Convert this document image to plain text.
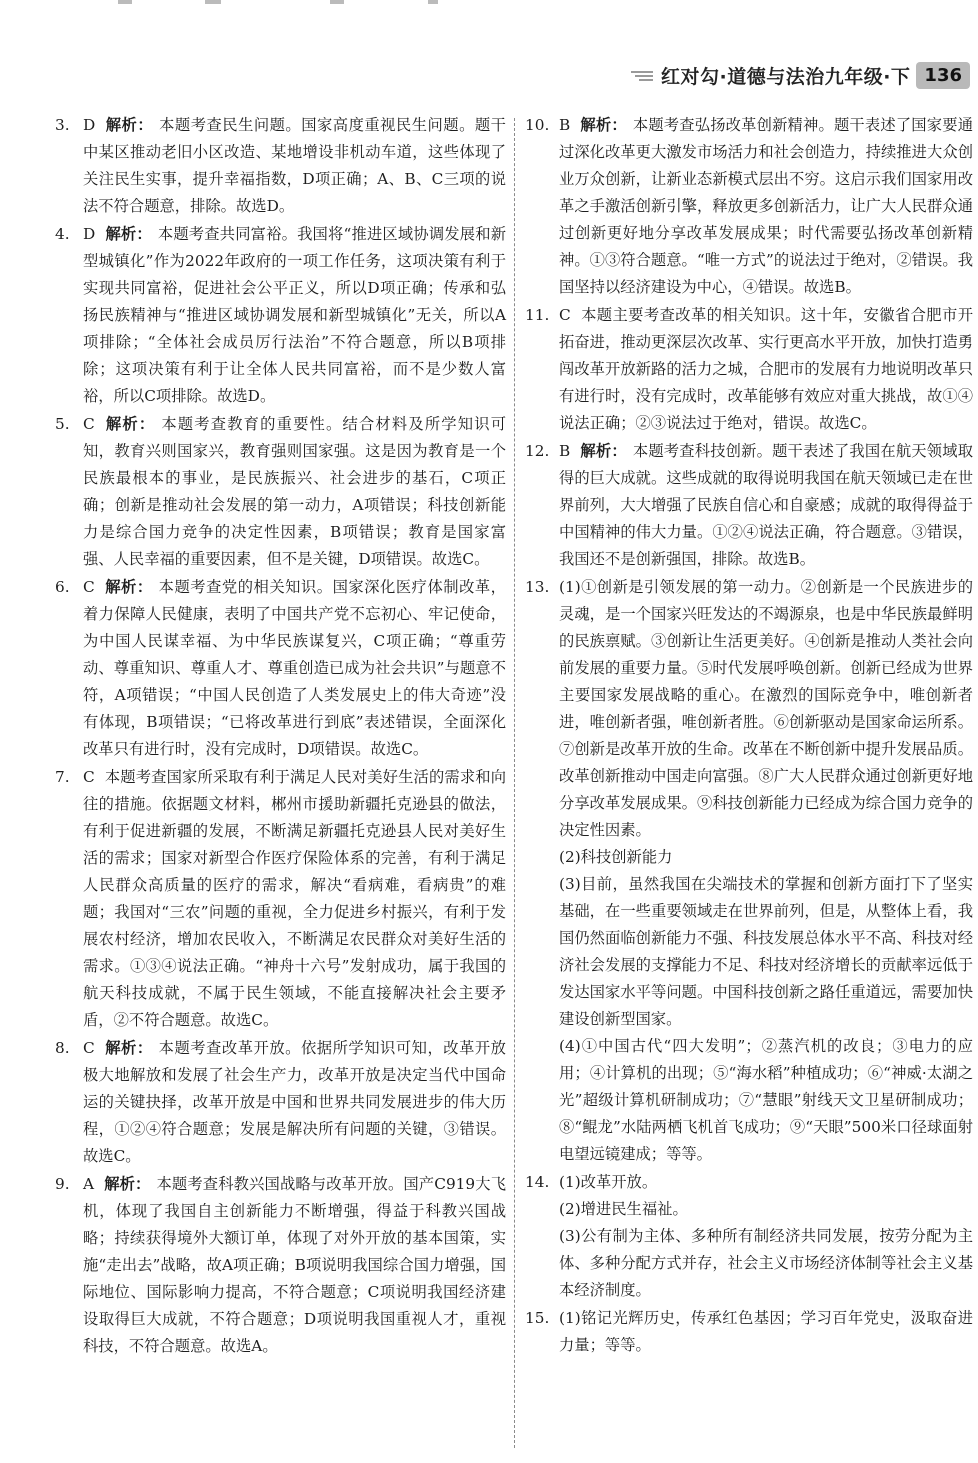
红对勾·道德与法治九年级·下 136
3. D 解析： 本题考查民生问题。国家高度重视民生问题。题干中某区推动老旧小区改造、某地增设非机动车道，这些体现了关注民生实事，提升幸福指数，D项正确；A、B、C三项的说法不符合题意，排除。故选D。
4. D 解析： 本题考查共同富裕。我国将“推进区域协调发展和新型城镇化”作为2022年政府的一项工作任务，这项决策有利于实现共同富裕，促进社会公平正义，所以D项正确；传承和弘扬民族精神与“推进区域协调发展和新型城镇化”无关，所以A项排除；“全体社会成员厉行法治”不符合题意，所以B项排除；这项决策有利于让全体人民共同富裕，而不是少数人富裕，所以C项排除。故选D。
5. C 解析： 本题考查教育的重要性。结合材料及所学知识可知，教育兴则国家兴，教育强则国家强。这是因为教育是一个民族最根本的事业，是民族振兴、社会进步的基石，C项正确；创新是推动社会发展的第一动力，A项错误；科技创新能力是综合国力竞争的决定性因素，B项错误；教育是国家富强、人民幸福的重要因素，但不是关键，D项错误。故选C。
6. C 解析： 本题考查党的相关知识。国家深化医疗体制改革，着力保障人民健康，表明了中国共产党不忘初心、牢记使命，为中国人民谋幸福、为中华民族谋复兴，C项正确；“尊重劳动、尊重知识、尊重人才、尊重创造已成为社会共识”与题意不符，A项错误；“中国人民创造了人类发展史上的伟大奇迹”没有体现，B项错误；“已将改革进行到底”表述错误，全面深化改革只有进行时，没有完成时，D项错误。故选C。
7. C 本题考查国家所采取有利于满足人民对美好生活的需求和向往的措施。依据题文材料，郴州市援助新疆托克逊县的做法，有利于促进新疆的发展，不断满足新疆托克逊县人民对美好生活的需求；国家对新型合作医疗保险体系的完善，有利于满足人民群众高质量的医疗的需求，解决“看病难，看病贵”的难题；我国对“三农”问题的重视，全力促进乡村振兴，有利于发展农村经济，增加农民收入，不断满足农民群众对美好生活的需求。①③④说法正确。“神舟十六号”发射成功，属于我国的航天科技成就，不属于民生领域，不能直接解决社会主要矛盾，②不符合题意。故选C。
8. C 解析： 本题考查改革开放。依据所学知识可知，改革开放极大地解放和发展了社会生产力，改革开放是决定当代中国命运的关键抉择，改革开放是中国和世界共同发展进步的伟大历程，①②④符合题意；发展是解决所有问题的关键，③错误。故选C。
9. A 解析： 本题考查科教兴国战略与改革开放。国产C919大飞机，体现了我国自主创新能力不断增强，得益于科教兴国战略；持续获得境外大额订单，体现了对外开放的基本国策，实施“走出去”战略，故A项正确；B项说明我国综合国力增强，国际地位、国际影响力提高，不符合题意；C项说明我国经济建设取得巨大成就，不符合题意；D项说明我国重视人才，重视科技，不符合题意。故选A。
10. B 解析： 本题考查弘扬改革创新精神。题干表述了国家要通过深化改革更大激发市场活力和社会创造力，持续推进大众创业万众创新，让新业态新模式层出不穷。这启示我们国家用改革之手激活创新引擎，释放更多创新活力，让广大人民群众通过创新更好地分享改革发展成果；时代需要弘扬改革创新精神。①③符合题意。“唯一方式”的说法过于绝对，②错误。我国坚持以经济建设为中心，④错误。故选B。
11. C 本题主要考查改革的相关知识。这十年，安徽省合肥市开拓奋进，推动更深层次改革、实行更高水平开放，加快打造勇闯改革开放新路的活力之城，合肥市的发展有力地说明改革只有进行时，没有完成时，改革能够有效应对重大挑战，故①④说法正确；②③说法过于绝对，错误。故选C。
12. B 解析： 本题考查科技创新。题干表述了我国在航天领域取得的巨大成就。这些成就的取得说明我国在航天领域已走在世界前列，大大增强了民族自信心和自豪感；成就的取得得益于中国精神的伟大力量。①②④说法正确，符合题意。③错误，我国还不是创新强国，排除。故选B。
13. (1)①创新是引领发展的第一动力。②创新是一个民族进步的灵魂，是一个国家兴旺发达的不竭源泉，也是中华民族最鲜明的民族禀赋。③创新让生活更美好。④创新是推动人类社会向前发展的重要力量。⑤时代发展呼唤创新。创新已经成为世界主要国家发展战略的重心。在激烈的国际竞争中，唯创新者进，唯创新者强，唯创新者胜。⑥创新驱动是国家命运所系。⑦创新是改革开放的生命。改革在不断创新中提升发展品质。改革创新推动中国走向富强。⑧广大人民群众通过创新更好地分享改革发展成果。⑨科技创新能力已经成为综合国力竞争的决定性因素。
(2)科技创新能力
(3)目前，虽然我国在尖端技术的掌握和创新方面打下了坚实基础，在一些重要领域走在世界前列，但是，从整体上看，我国仍然面临创新能力不强、科技发展总体水平不高、科技对经济社会发展的支撑能力不足、科技对经济增长的贡献率远低于发达国家水平等问题。中国科技创新之路任重道远，需要加快建设创新型国家。
(4)①中国古代“四大发明”；②蒸汽机的改良；③电力的应用；④计算机的出现；⑤“海水稻”种植成功；⑥“神威·太湖之光”超级计算机研制成功；⑦“慧眼”射线天文卫星研制成功；⑧“鲲龙”水陆两栖飞机首飞成功；⑨“天眼”500米口径球面射电望远镜建成；等等。
14. (1)改革开放。
(2)增进民生福祉。
(3)公有制为主体、多种所有制经济共同发展，按劳分配为主体、多种分配方式并存，社会主义市场经济体制等社会主义基本经济制度。
15. (1)铭记光辉历史，传承红色基因；学习百年党史，汲取奋进力量；等等。
